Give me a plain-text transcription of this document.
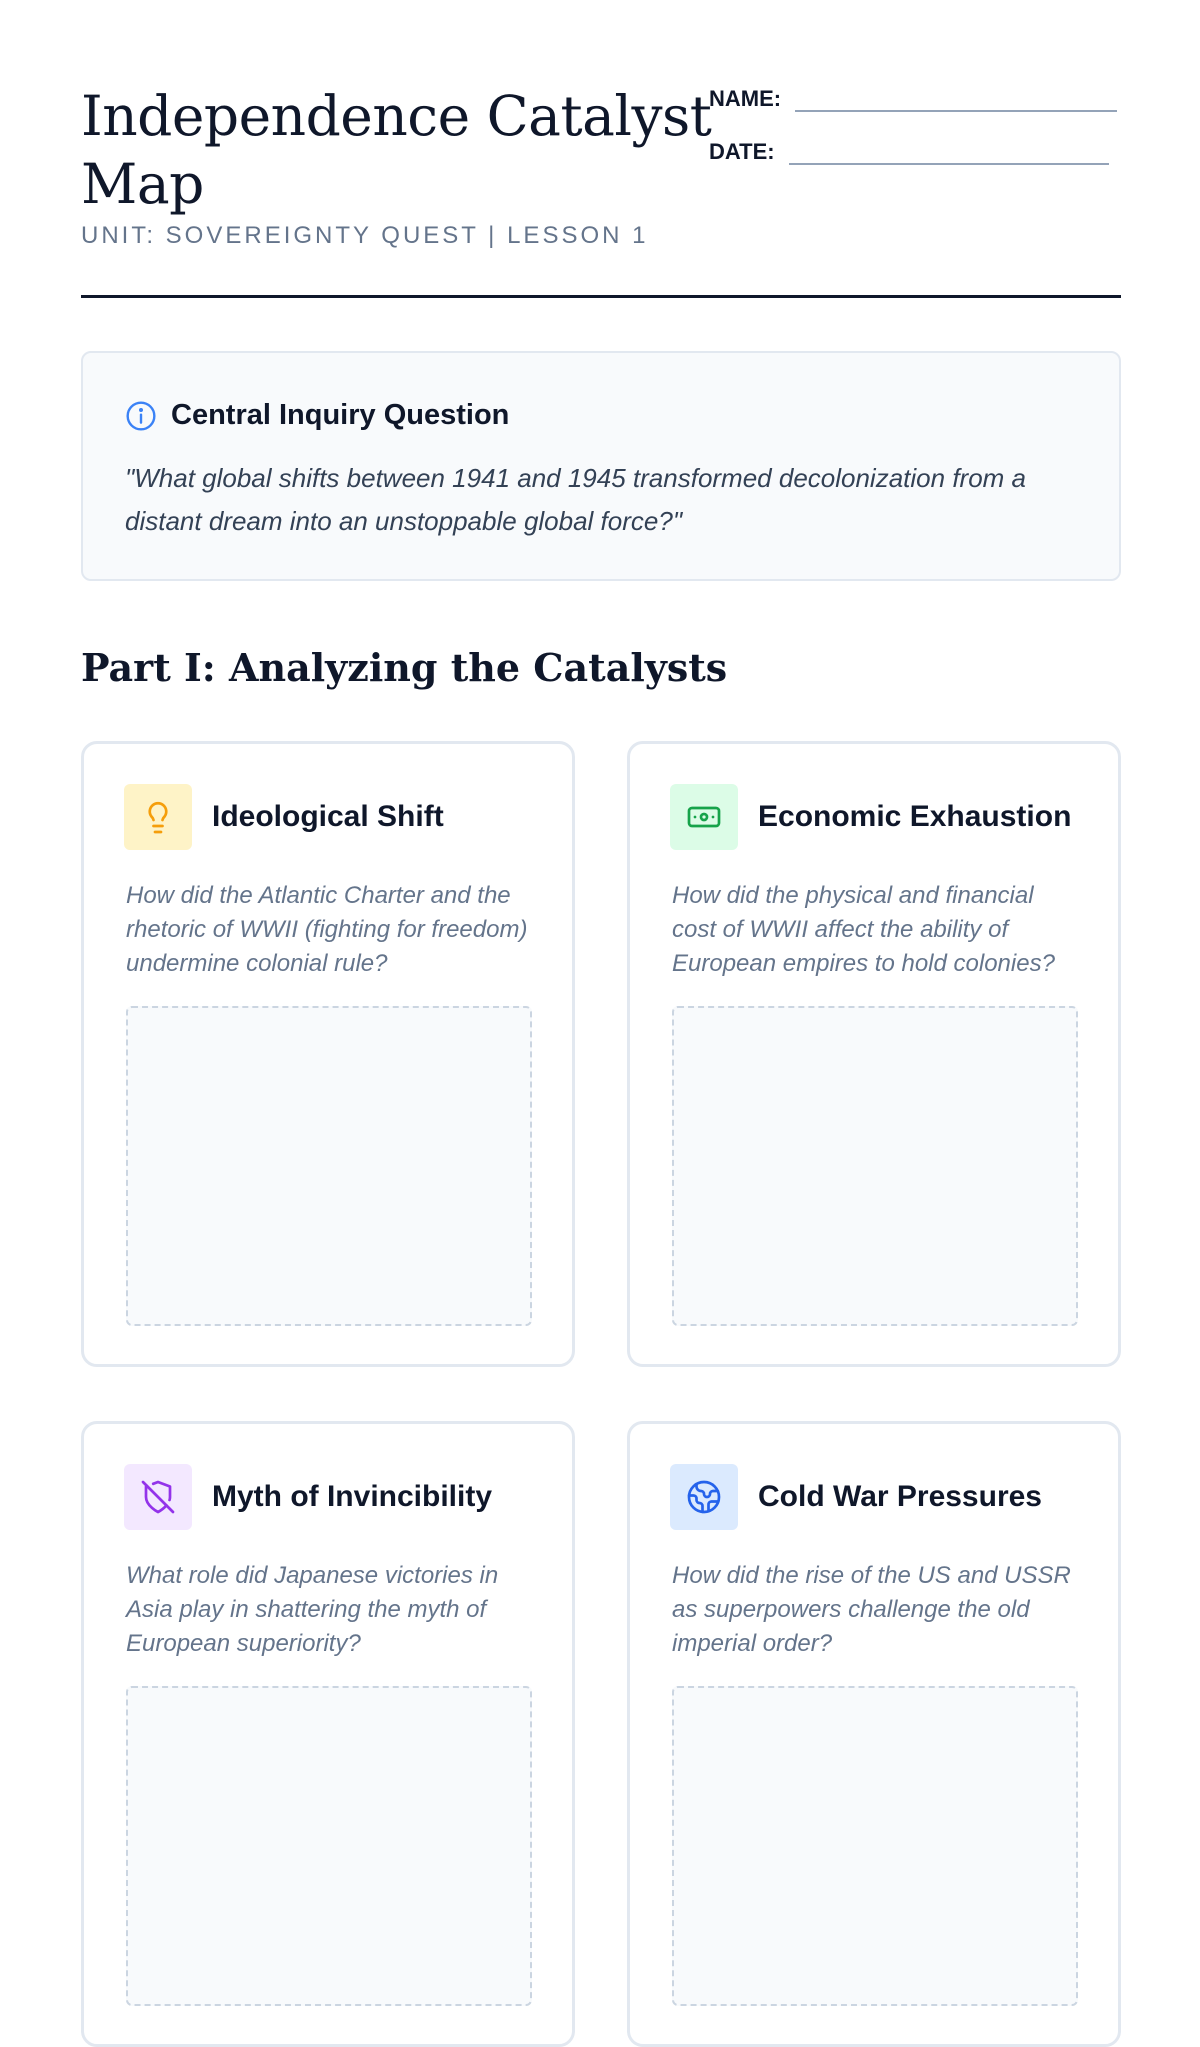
Independence Catalyst Map
UNIT: SOVEREIGNTY QUEST | LESSON 1
NAME:
DATE:
Central Inquiry Question

"What global shifts between 1941 and 1945 transformed decolonization from a distant dream into an unstoppable global force?"

Part I: Analyzing the Catalysts
Ideological Shift

How did the Atlantic Charter and the rhetoric of WWII (fighting for freedom) undermine colonial rule?

Economic Exhaustion

How did the physical and financial cost of WWII affect the ability of European empires to hold colonies?

Myth of Invincibility

What role did Japanese victories in Asia play in shattering the myth of European superiority?

Cold War Pressures

How did the rise of the US and USSR as superpowers challenge the old imperial order?
